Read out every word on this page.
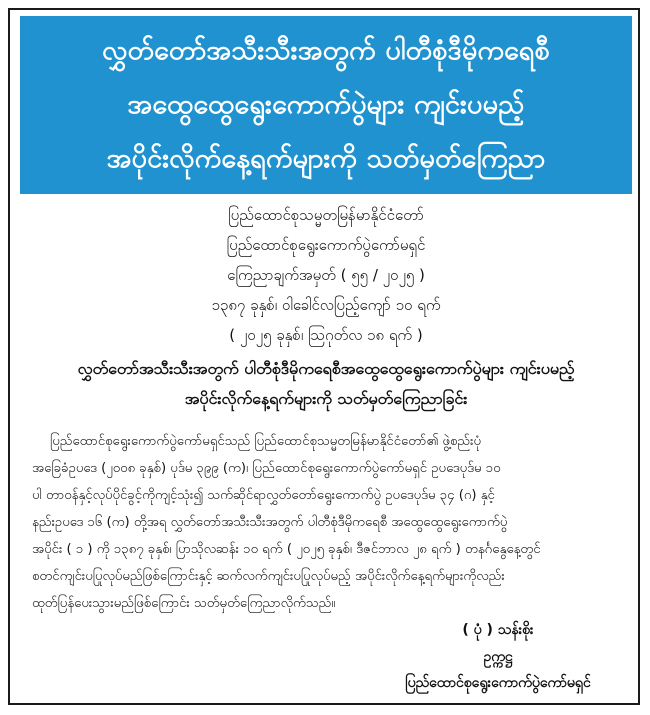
လွှတ်တော်အသီးသီးအတွက် ပါတီစုံဒီမိုကရေစီ
အထွေထွေရွေးကောက်ပွဲများ ကျင်းပမည့်
အပိုင်းလိုက်နေ့ရက်များကို သတ်မှတ်ကြေညာ
ပြည်ထောင်စုသမ္မတမြန်မာနိုင်ငံတော်
ပြည်ထောင်စုရွေးကောက်ပွဲကော်မရှင်
ကြေညာချက်အမှတ် ( ၅၅ / ၂၀၂၅ )
၁၃၈၇ ခုနှစ်၊ ဝါခေါင်လပြည့်ကျော် ၁၀ ရက်
( ၂၀၂၅ ခုနှစ်၊ ဩဂုတ်လ ၁၈ ရက် )
လွှတ်တော်အသီးသီးအတွက် ပါတီစုံဒီမိုကရေစီအထွေထွေရွေးကောက်ပွဲများ ကျင်းပမည့်
အပိုင်းလိုက်နေ့ရက်များကို သတ်မှတ်ကြေညာခြင်း
ပြည်ထောင်စုရွေးကောက်ပွဲကော်မရှင်သည် ပြည်ထောင်စုသမ္မတမြန်မာနိုင်ငံတော်၏ ဖွဲ့စည်းပုံ
အခြေခံဥပဒေ (၂၀၀၈ ခုနှစ်) ပုဒ်မ ၃၉၉ (က)၊ ပြည်ထောင်စုရွေးကောက်ပွဲကော်မရှင် ဥပဒေပုဒ်မ ၁၀
ပါ တာဝန်နှင့်လုပ်ပိုင်ခွင့်ကိုကျင့်သုံး၍ သက်ဆိုင်ရာလွှတ်တော်ရွေးကောက်ပွဲ ဥပဒေပုဒ်မ ၃၄ (ဂ) နှင့်
နည်းဥပဒေ ၁၆ (က) တို့အရ လွှတ်တော်အသီးသီးအတွက် ပါတီစုံဒီမိုကရေစီ အထွေထွေရွေးကောက်ပွဲ
အပိုင်း ( ၁ ) ကို ၁၃၈၇ ခုနှစ်၊ ပြာသိုလဆန်း ၁၀ ရက် ( ၂၀၂၅ ခုနှစ်၊ ဒီဇင်ဘာလ ၂၈ ရက် ) တနင်္ဂနွေနေ့တွင်
စတင်ကျင်းပပြုလုပ်မည်ဖြစ်ကြောင်းနှင့် ဆက်လက်ကျင်းပပြုလုပ်မည့် အပိုင်းလိုက်နေ့ရက်များကိုလည်း
ထုတ်ပြန်ပေးသွားမည်ဖြစ်ကြောင်း သတ်မှတ်ကြေညာလိုက်သည်။
( ပုံ ) သန်းစိုး
ဥက္ကဋ္ဌ
ပြည်ထောင်စုရွေးကောက်ပွဲကော်မရှင်
